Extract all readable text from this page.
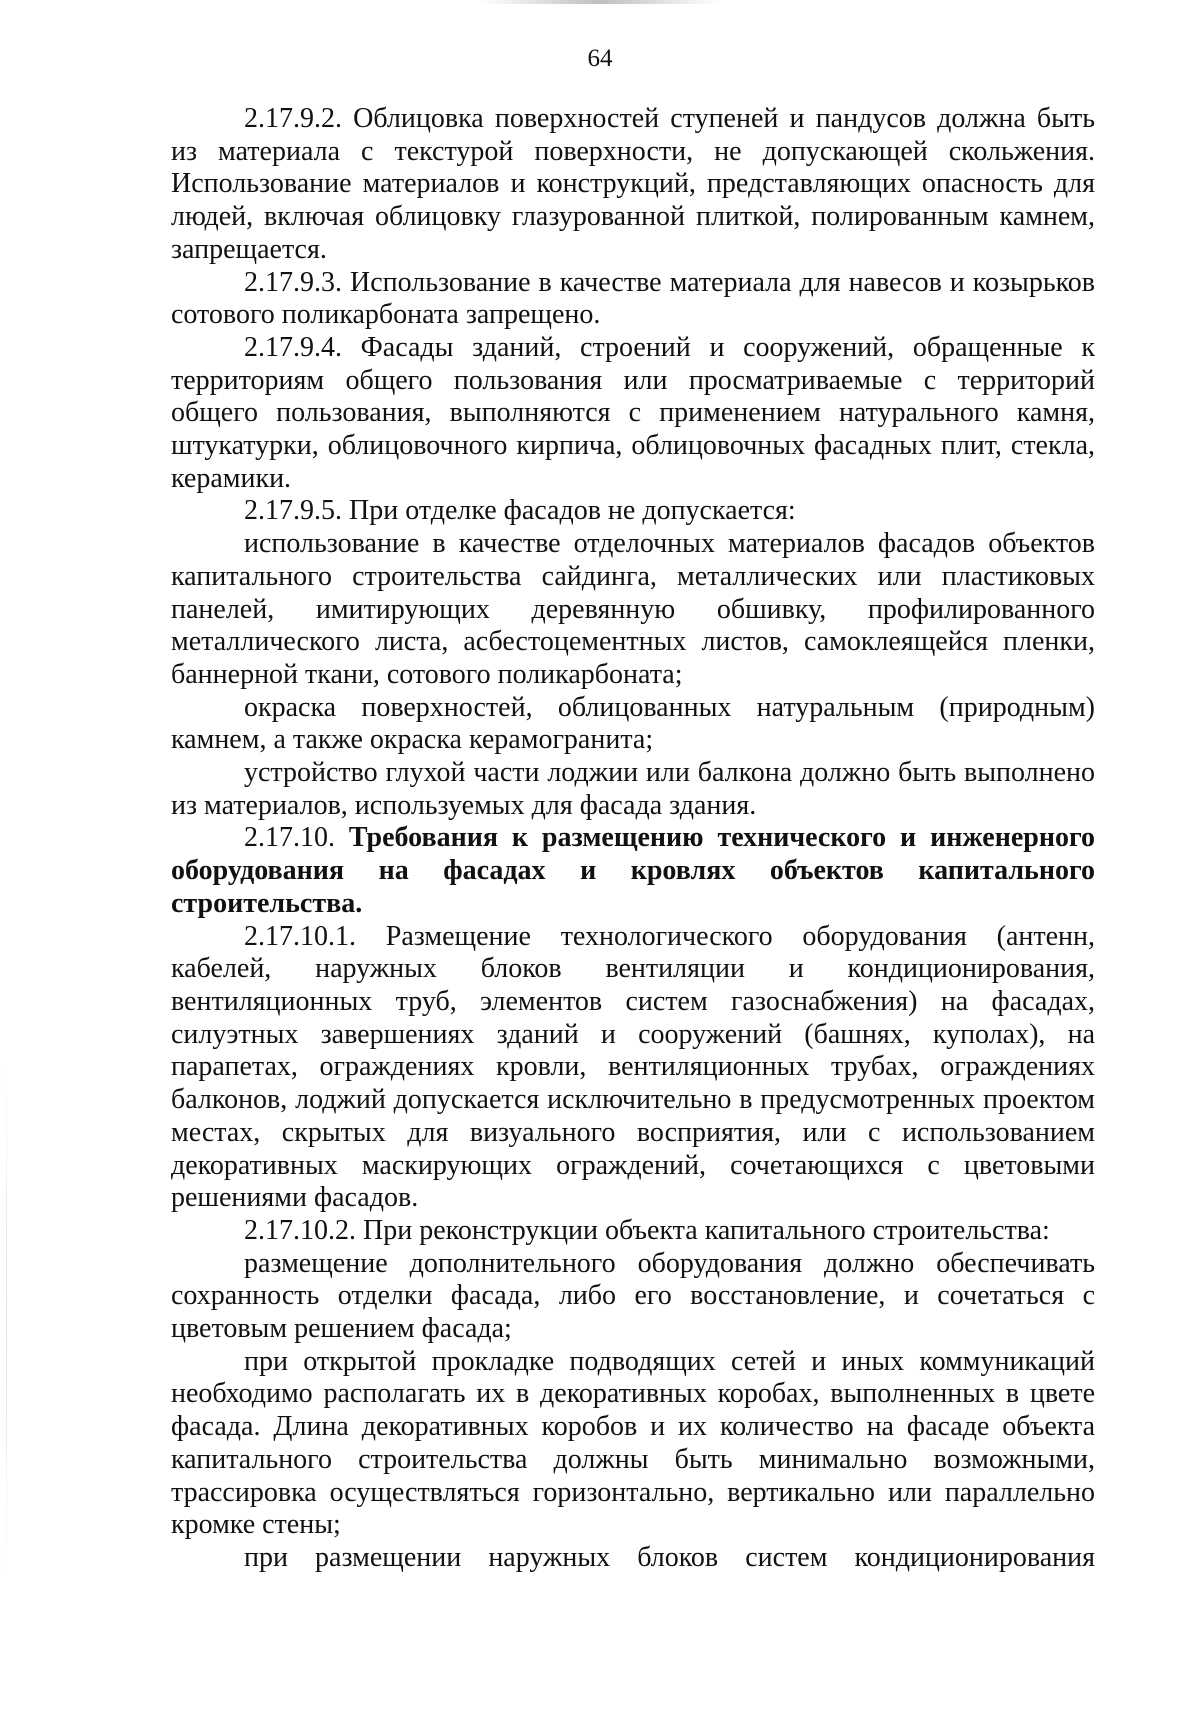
64

2.17.9.2. Облицовка поверхностей ступеней и пандусов должна быть из материала с текстурой поверхности, не допускающей скольжения. Использование материалов и конструкций, представляющих опасность для людей, включая облицовку глазурованной плиткой, полированным камнем, запрещается.

2.17.9.3. Использование в качестве материала для навесов и козырьков сотового поликарбоната запрещено.

2.17.9.4. Фасады зданий, строений и сооружений, обращенные к территориям общего пользования или просматриваемые с территорий общего пользования, выполняются с применением натурального камня, штукатурки, облицовочного кирпича, облицовочных фасадных плит, стекла, керамики.

2.17.9.5. При отделке фасадов не допускается:

использование в качестве отделочных материалов фасадов объектов капитального строительства сайдинга, металлических или пластиковых панелей, имитирующих деревянную обшивку, профилированного металлического листа, асбестоцементных листов, самоклеящейся пленки, баннерной ткани, сотового поликарбоната;

окраска поверхностей, облицованных натуральным (природным) камнем, а также окраска керамогранита;

устройство глухой части лоджии или балкона должно быть выполнено из материалов, используемых для фасада здания.

2.17.10. Требования к размещению технического и инженерного оборудования на фасадах и кровлях объектов капитального строительства.

2.17.10.1. Размещение технологического оборудования (антенн, кабелей, наружных блоков вентиляции и кондиционирования, вентиляционных труб, элементов систем газоснабжения) на фасадах, силуэтных завершениях зданий и сооружений (башнях, куполах), на парапетах, ограждениях кровли, вентиляционных трубах, ограждениях балконов, лоджий допускается исключительно в предусмотренных проектом местах, скрытых для визуального восприятия, или с использованием декоративных маскирующих ограждений, сочетающихся с цветовыми решениями фасадов.

2.17.10.2. При реконструкции объекта капитального строительства:

размещение дополнительного оборудования должно обеспечивать сохранность отделки фасада, либо его восстановление, и сочетаться с цветовым решением фасада;

при открытой прокладке подводящих сетей и иных коммуникаций необходимо располагать их в декоративных коробах, выполненных в цвете фасада. Длина декоративных коробов и их количество на фасаде объекта капитального строительства должны быть минимально возможными, трассировка осуществляться горизонтально, вертикально или параллельно кромке стены;

при размещении наружных блоков систем кондиционирования
